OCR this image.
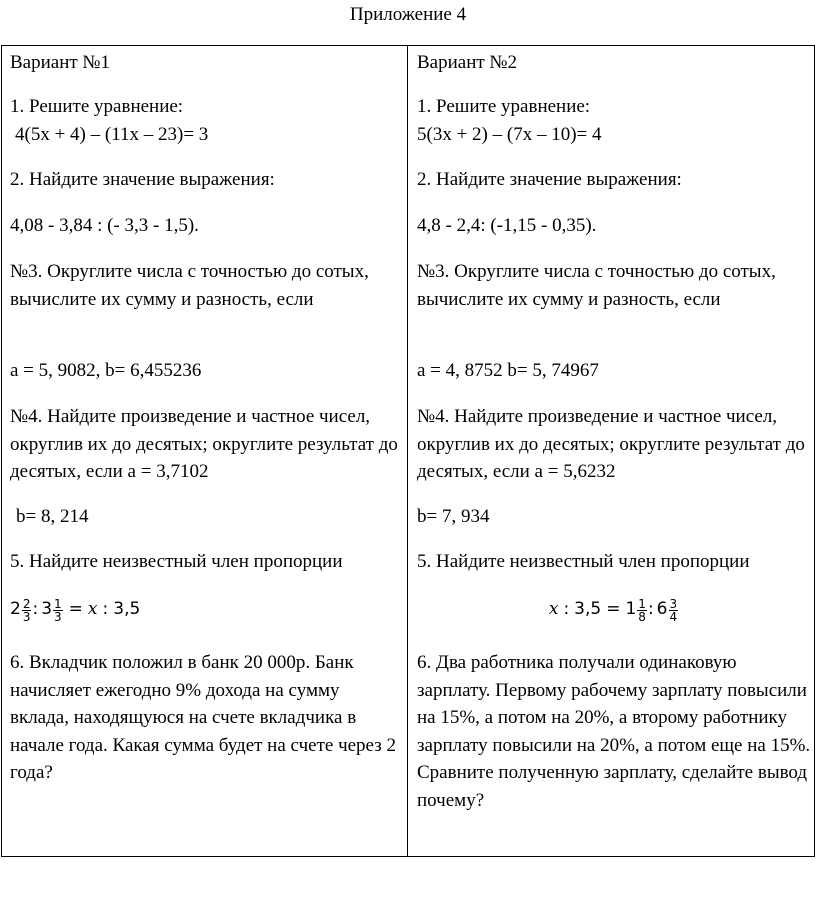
Приложение 4

Вариант №1

1. Решите уравнение:
4(5x + 4) – (11x – 23)= 3

2. Найдите значение выражения:

4,08 - 3,84 : (- 3,3 - 1,5).

№3. Округлите числа с точностью до сотых, вычислите их сумму и разность, если

a = 5, 9082, b= 6,455236

№4. Найдите произведение и частное чисел, округлив их до десятых; округлите результат до десятых, если а = 3,7102

b= 8, 214

5. Найдите неизвестный член пропорции

$2 \frac{2}{3}$ : $3 \frac{1}{3} = x$ : 3,5

6. Вкладчик положил в банк 20 000р. Банк начисляет ежегодно 9% дохода на сумму вклада, находящуюся на счете вкладчика в начале года. Какая сумма будет на счете через 2 года?

Вариант №2

1. Решите уравнение:
5(3x + 2) – (7x – 10)= 4

2. Найдите значение выражения:

4,8 - 2,4: (-1,15 - 0,35).

№3. Округлите числа с точностью до сотых, вычислите их сумму и разность, если

a = 4, 8752 b= 5, 74967

№4. Найдите произведение и частное чисел, округлив их до десятых; округлите результат до десятых, если а = 5,6232

b= 7, 934

5. Найдите неизвестный член пропорции

x : $3,5 = 1 \frac{1}{8}$ : $6 \frac{3}{4}$

6. Два работника получали одинаковую зарплату. Первому рабочему зарплату повысили на 15%, а потом на 20%, а второму работнику зарплату повысили на 20%, а потом еще на 15%. Сравните полученную зарплату, сделайте вывод почему?
